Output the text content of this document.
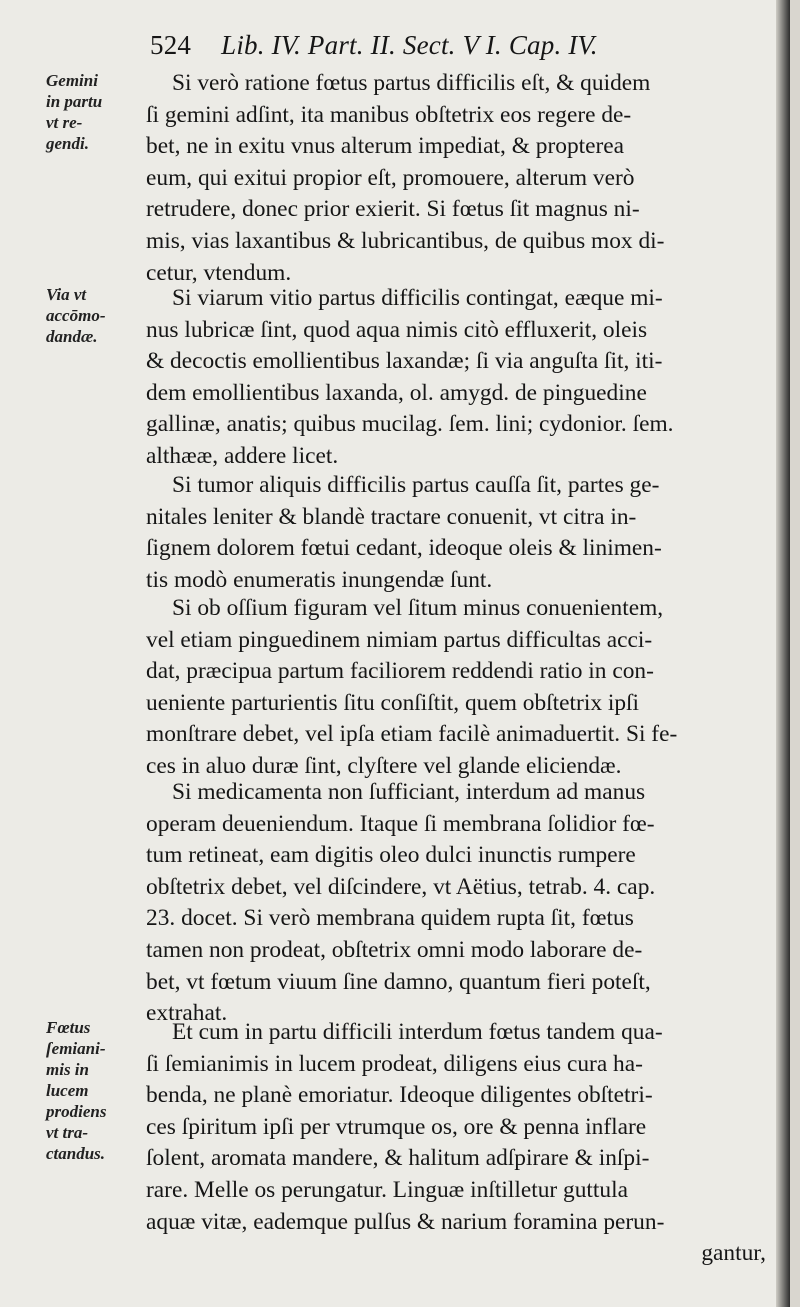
524 Lib. IV. Part. II. Sect. V I. Cap. IV.
Gemini
in partu
vt re-
gendi.
Via vt
accōmo-
dandæ.
Fœtus
ſemiani-
mis in
lucem
prodiens
vt tra-
ctandus.
Si verò ratione fœtus partus difficilis eſt, & quidem
ſi gemini adſint, ita manibus obſtetrix eos regere de-
bet, ne in exitu vnus alterum impediat, & propterea
eum, qui exitui propior eſt, promouere, alterum verò
retrudere, donec prior exierit. Si fœtus ſit magnus ni-
mis, vias laxantibus & lubricantibus, de quibus mox di-
cetur, vtendum.
Si viarum vitio partus difficilis contingat, eæque mi-
nus lubricæ ſint, quod aqua nimis citò effluxerit, oleis
& decoctis emollientibus laxandæ; ſi via anguſta ſit, iti-
dem emollientibus laxanda, ol. amygd. de pinguedine
gallinæ, anatis; quibus mucilag. ſem. lini; cydonior. ſem.
althææ, addere licet.
Si tumor aliquis difficilis partus cauſſa ſit, partes ge-
nitales leniter & blandè tractare conuenit, vt citra in-
ſignem dolorem fœtui cedant, ideoque oleis & linimen-
tis modò enumeratis inungendæ ſunt.
Si ob oſſium figuram vel ſitum minus conuenientem,
vel etiam pinguedinem nimiam partus difficultas acci-
dat, præcipua partum faciliorem reddendi ratio in con-
ueniente parturientis ſitu conſiſtit, quem obſtetrix ipſi
monſtrare debet, vel ipſa etiam facilè animaduertit. Si fe-
ces in aluo duræ ſint, clyſtere vel glande eliciendæ.
Si medicamenta non ſufficiant, interdum ad manus
operam deueniendum. Itaque ſi membrana ſolidior fœ-
tum retineat, eam digitis oleo dulci inunctis rumpere
obſtetrix debet, vel diſcindere, vt Aëtius, tetrab. 4. cap.
23. docet. Si verò membrana quidem rupta ſit, fœtus
tamen non prodeat, obſtetrix omni modo laborare de-
bet, vt fœtum viuum ſine damno, quantum fieri poteſt,
extrahat.
Et cum in partu difficili interdum fœtus tandem qua-
ſi ſemianimis in lucem prodeat, diligens eius cura ha-
benda, ne planè emoriatur. Ideoque diligentes obſtetri-
ces ſpiritum ipſi per vtrumque os, ore & penna inflare
ſolent, aromata mandere, & halitum adſpirare & inſpi-
rare. Melle os perungatur. Linguæ inſtilletur guttula
aquæ vitæ, eademque pulſus & narium foramina perun-
gantur,
